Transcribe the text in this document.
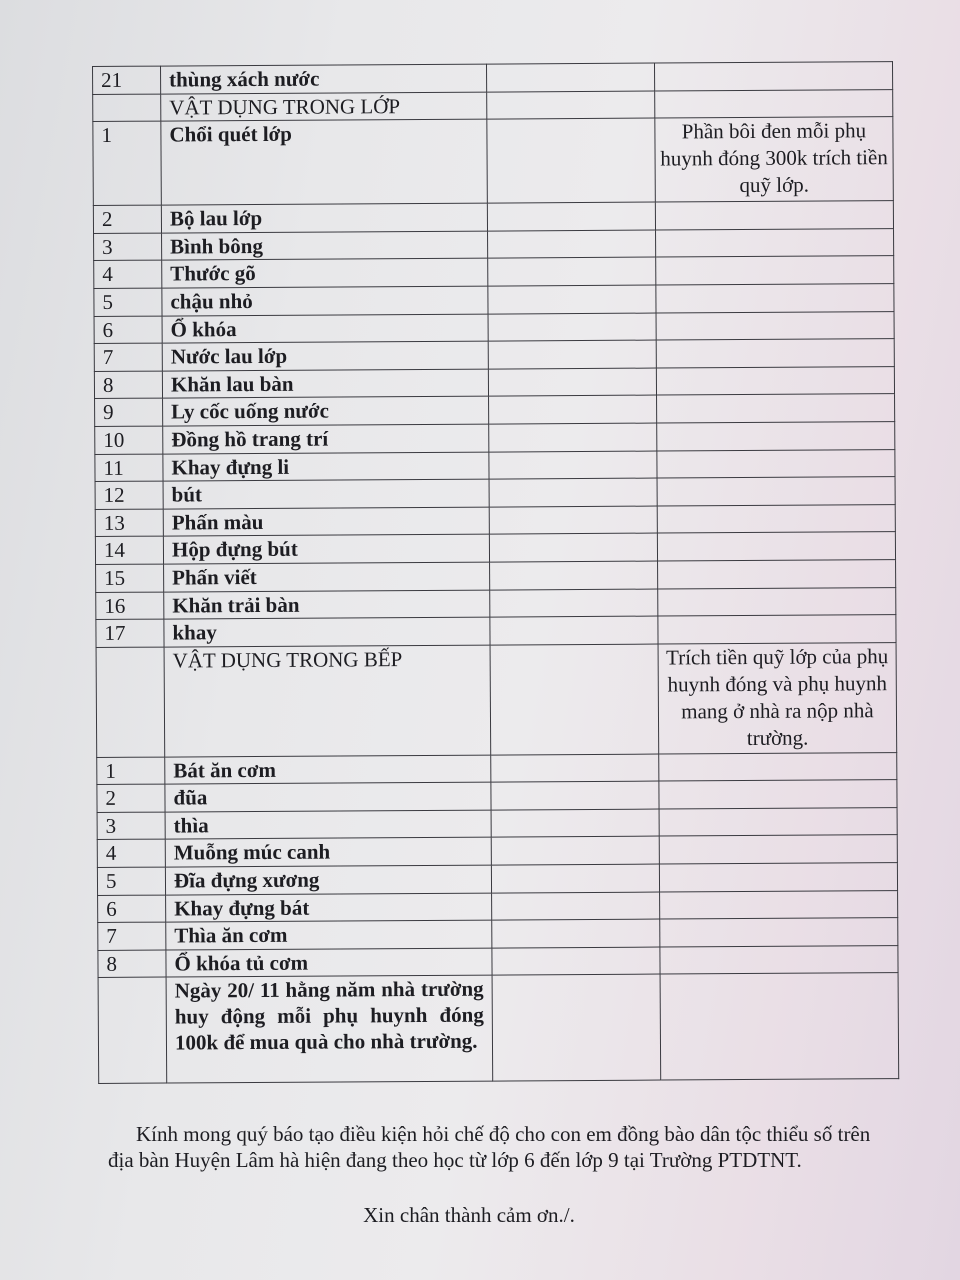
21	thùng xách nước		
	VẬT DỤNG TRONG LỚP		
1	Chổi quét lớp		Phần bôi đen mỗi phụ huynh đóng 300k trích tiền quỹ lớp.
2	Bộ lau lớp		
3	Bình bông		
4	Thước gõ		
5	chậu nhỏ		
6	Ổ khóa		
7	Nước lau lớp		
8	Khăn lau bàn		
9	Ly cốc uống nước		
10	Đồng hồ trang trí		
11	Khay đựng li		
12	bút		
13	Phấn màu		
14	Hộp đựng bút		
15	Phấn viết		
16	Khăn trải bàn		
17	khay		
	VẬT DỤNG TRONG BẾP		Trích tiền quỹ lớp của phụ huynh đóng và phụ huynh mang ở nhà ra nộp nhà trường.
1	Bát ăn cơm		
2	đũa		
3	thìa		
4	Muỗng múc canh		
5	Đĩa đựng xương		
6	Khay đựng bát		
7	Thìa ăn cơm		
8	Ổ khóa tủ cơm		
	Ngày 20/ 11 hằng năm nhà trường huy động mỗi phụ huynh đóng 100k để mua quà cho nhà trường.		
Kính mong quý báo tạo điều kiện hỏi chế độ cho con em đồng bào dân tộc thiểu số trên địa bàn Huyện Lâm hà hiện đang theo học từ lớp 6 đến lớp 9 tại Trường PTDTNT.
Xin chân thành cảm ơn./.
